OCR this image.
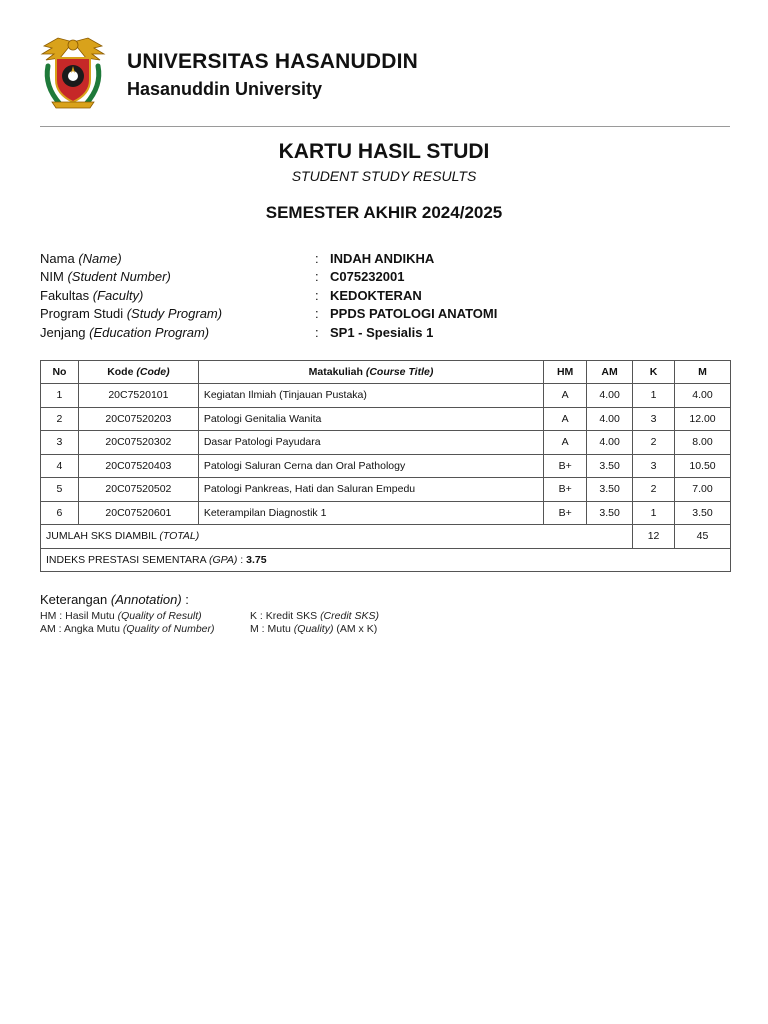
UNIVERSITAS HASANUDDIN
Hasanuddin University
KARTU HASIL STUDI
STUDENT STUDY RESULTS
SEMESTER AKHIR 2024/2025
Nama (Name)	: INDAH ANDIKHA
NIM (Student Number)	: C075232001
Fakultas (Faculty)	: KEDOKTERAN
Program Studi (Study Program)	: PPDS PATOLOGI ANATOMI
Jenjang (Education Program)	: SP1 - Spesialis 1
No	Kode (Code)	Matakuliah (Course Title)	HM	AM	K	M
1	20C7520101	Kegiatan Ilmiah (Tinjauan Pustaka)	A	4.00	1	4.00
2	20C07520203	Patologi Genitalia Wanita	A	4.00	3	12.00
3	20C07520302	Dasar Patologi Payudara	A	4.00	2	8.00
4	20C07520403	Patologi Saluran Cerna dan Oral Pathology	B+	3.50	3	10.50
5	20C07520502	Patologi Pankreas, Hati dan Saluran Empedu	B+	3.50	2	7.00
6	20C07520601	Keterampilan Diagnostik 1	B+	3.50	1	3.50
JUMLAH SKS DIAMBIL (TOTAL)					12	45
INDEKS PRESTASI SEMENTARA (GPA) : 3.75						
Keterangan (Annotation) :
HM : Hasil Mutu (Quality of Result)	K : Kredit SKS (Credit SKS)
AM : Angka Mutu (Quality of Number)	M : Mutu (Quality) (AM x K)
